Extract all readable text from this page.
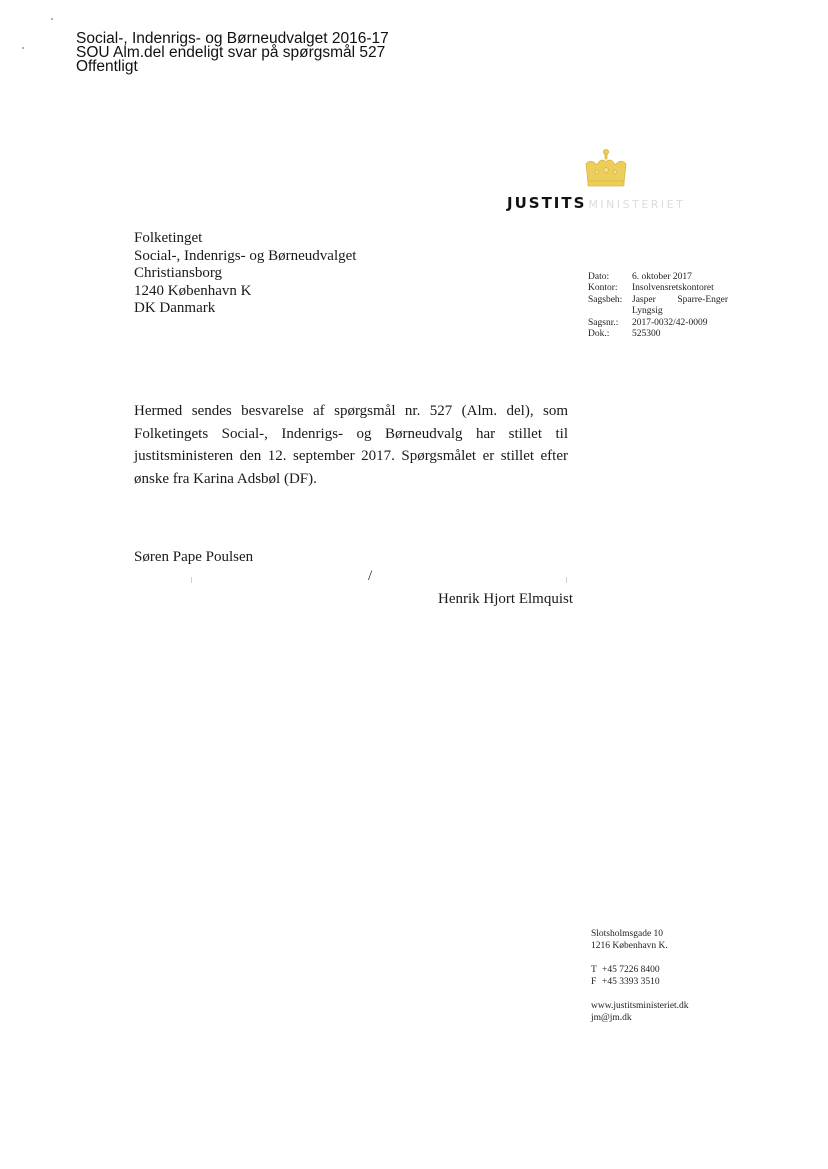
Social-, Indenrigs- og Børneudvalget 2016-17
SOU Alm.del endeligt svar på spørgsmål 527
Offentligt
JUSTITS MINISTERIET
Folketinget
Social-, Indenrigs- og Børneudvalget
Christiansborg
1240 København K
DK Danmark
Dato:	6. oktober 2017
Kontor:	Insolvensretskontoret
Sagsbeh:	Jasper Sparre-Enger
Lyngsig
Sagsnr.:	2017-0032/42-0009
Dok.:	525300
Hermed sendes besvarelse af spørgsmål nr. 527 (Alm. del), som Folketingets Social-, Indenrigs- og Børneudvalg har stillet til justitsministeren den 12. september 2017. Spørgsmålet er stillet efter ønske fra Karina Adsbøl (DF).
Søren Pape Poulsen
/
Henrik Hjort Elmquist
Slotsholmsgade 10
1216 København K.
T +45 7226 8400
F +45 3393 3510
www.justitsministeriet.dk
jm@jm.dk
